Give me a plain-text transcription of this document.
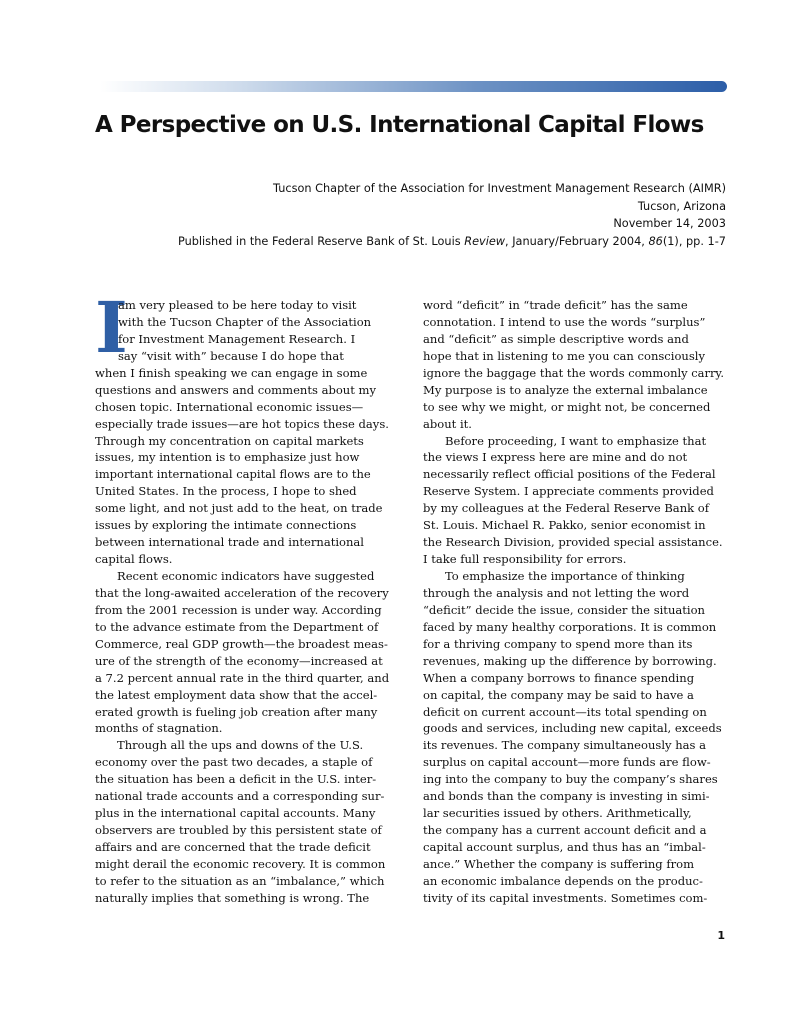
A Perspective on U.S. International Capital Flows
Tucson Chapter of the Association for Investment Management Research (AIMR)
Tucson, Arizona
November 14, 2003
Published in the Federal Reserve Bank of St. Louis Review, January/February 2004, 86(1), pp. 1-7
I
am very pleased to be here today to visit
with the Tucson Chapter of the Association
for Investment Management Research. I
say “visit with” because I do hope that
when I finish speaking we can engage in some
questions and answers and comments about my
chosen topic. International economic issues—
especially trade issues—are hot topics these days.
Through my concentration on capital markets
issues, my intention is to emphasize just how
important international capital flows are to the
United States. In the process, I hope to shed
some light, and not just add to the heat, on trade
issues by exploring the intimate connections
between international trade and international
capital flows.
Recent economic indicators have suggested
that the long-awaited acceleration of the recovery
from the 2001 recession is under way. According
to the advance estimate from the Department of
Commerce, real GDP growth—the broadest meas-
ure of the strength of the economy—increased at
a 7.2 percent annual rate in the third quarter, and
the latest employment data show that the accel-
erated growth is fueling job creation after many
months of stagnation.
Through all the ups and downs of the U.S.
economy over the past two decades, a staple of
the situation has been a deficit in the U.S. inter-
national trade accounts and a corresponding sur-
plus in the international capital accounts. Many
observers are troubled by this persistent state of
affairs and are concerned that the trade deficit
might derail the economic recovery. It is common
to refer to the situation as an “imbalance,” which
naturally implies that something is wrong. The
word “deficit” in “trade deficit” has the same
connotation. I intend to use the words “surplus”
and “deficit” as simple descriptive words and
hope that in listening to me you can consciously
ignore the baggage that the words commonly carry.
My purpose is to analyze the external imbalance
to see why we might, or might not, be concerned
about it.
Before proceeding, I want to emphasize that
the views I express here are mine and do not
necessarily reflect official positions of the Federal
Reserve System. I appreciate comments provided
by my colleagues at the Federal Reserve Bank of
St. Louis. Michael R. Pakko, senior economist in
the Research Division, provided special assistance.
I take full responsibility for errors.
To emphasize the importance of thinking
through the analysis and not letting the word
“deficit” decide the issue, consider the situation
faced by many healthy corporations. It is common
for a thriving company to spend more than its
revenues, making up the difference by borrowing.
When a company borrows to finance spending
on capital, the company may be said to have a
deficit on current account—its total spending on
goods and services, including new capital, exceeds
its revenues. The company simultaneously has a
surplus on capital account—more funds are flow-
ing into the company to buy the company’s shares
and bonds than the company is investing in simi-
lar securities issued by others. Arithmetically,
the company has a current account deficit and a
capital account surplus, and thus has an “imbal-
ance.” Whether the company is suffering from
an economic imbalance depends on the produc-
tivity of its capital investments. Sometimes com-
1
